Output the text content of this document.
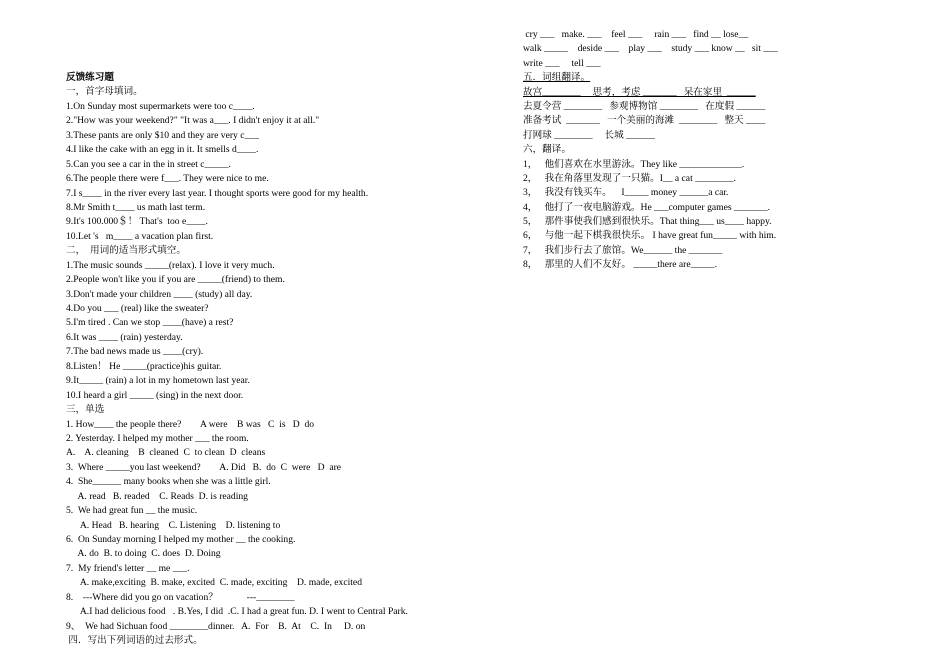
反馈练习题
一，首字母填词。
1.On Sunday most supermarkets were too c____.
2."How was your weekend?" "It was a___. I didn't enjoy it at all."
3.These pants are only $10 and they are very c___
4.I like the cake with an egg in it. It smells d____.
5.Can you see a car in the in street c_____.
6.The people there were f___. They were nice to me.
7.I s____ in the river every last year. I thought sports were good for my health.
8.Mr Smith t____ us math last term.
9.It's 100.000＄！ That's  too e____.
10.Let 's   m____ a vacation plan first.
二，  用词的适当形式填空。
1.The music sounds _____(relax). I love it very much.
2.People won't like you if you are _____(friend) to them.
3.Don't made your children ____ (study) all day.
4.Do you ___ (real) like the sweater?
5.I'm tired . Can we stop ____(have) a rest?
6.It was ____ (rain) yesterday.
7.The bad news made us ____(cry).
8.Listen！ He _____(practice)his guitar.
9.It_____ (rain) a lot in my hometown last year.
10.I heard a girl _____ (sing) in the next door.
三，单选
1. How____ the people there?        A were    B was   C  is   D  do
2. Yesterday. I helped my mother ___ the room.
A.    A. cleaning    B  cleaned  C  to clean  D  cleans
3.  Where _____you last weekend?        A. Did   B.  do  C  were   D  are
4.  She______ many books when she was a little girl.
A. read   B. readed    C. Reads  D. is reading
5.  We had great fun __ the music.
A. Head   B. hearing    C. Listening    D. listening to
6.  On Sunday morning I helped my mother __ the cooking.
A. do  B. to doing  C. does  D. Doing
7.  My friend's letter __ me ___.
A. make,exciting  B. make, excited  C. made, exciting    D. made, excited
8.    ---Where did you go on vacation？            ---________
A.I had delicious food   . B.Yes, I did  .C. I had a great fun. D. I went to Central Park.
9、  We had Sichuan food ________dinner.   A.  For    B.  At    C.  In     D. on
四．写出下列词语的过去形式。
cry ___   make. ___    feel ___     rain ___   find __ lose__
walk _____    deside ___    play ___    study ___ know __   sit ___
write ___     tell ___
五．词组翻译。
故宫________     思考，考虑 _______   呆在家里  ______
去夏令营 ________   参观博物馆 ________   在度假 ______
准备考试  _______   一个美丽的海滩  ________   整天 ____
打网球 ________     长城 ______
六，翻译。
1，   他们喜欢在水里游泳。They like _____________.
2，   我在角落里发现了一只猫。I__ a cat ________.
3，   我没有钱买车。    I_____ money ______a car.
4，   他打了一夜电脑游戏。He ___computer games _______.
5，   那件事使我们感到很快乐。That thing___ us____ happy.
6，   与他一起下棋我很快乐。 I have great fun_____ with him.
7，   我们步行去了旅馆。We______ the _______
8，   那里的人们不友好。 _____there are_____.
